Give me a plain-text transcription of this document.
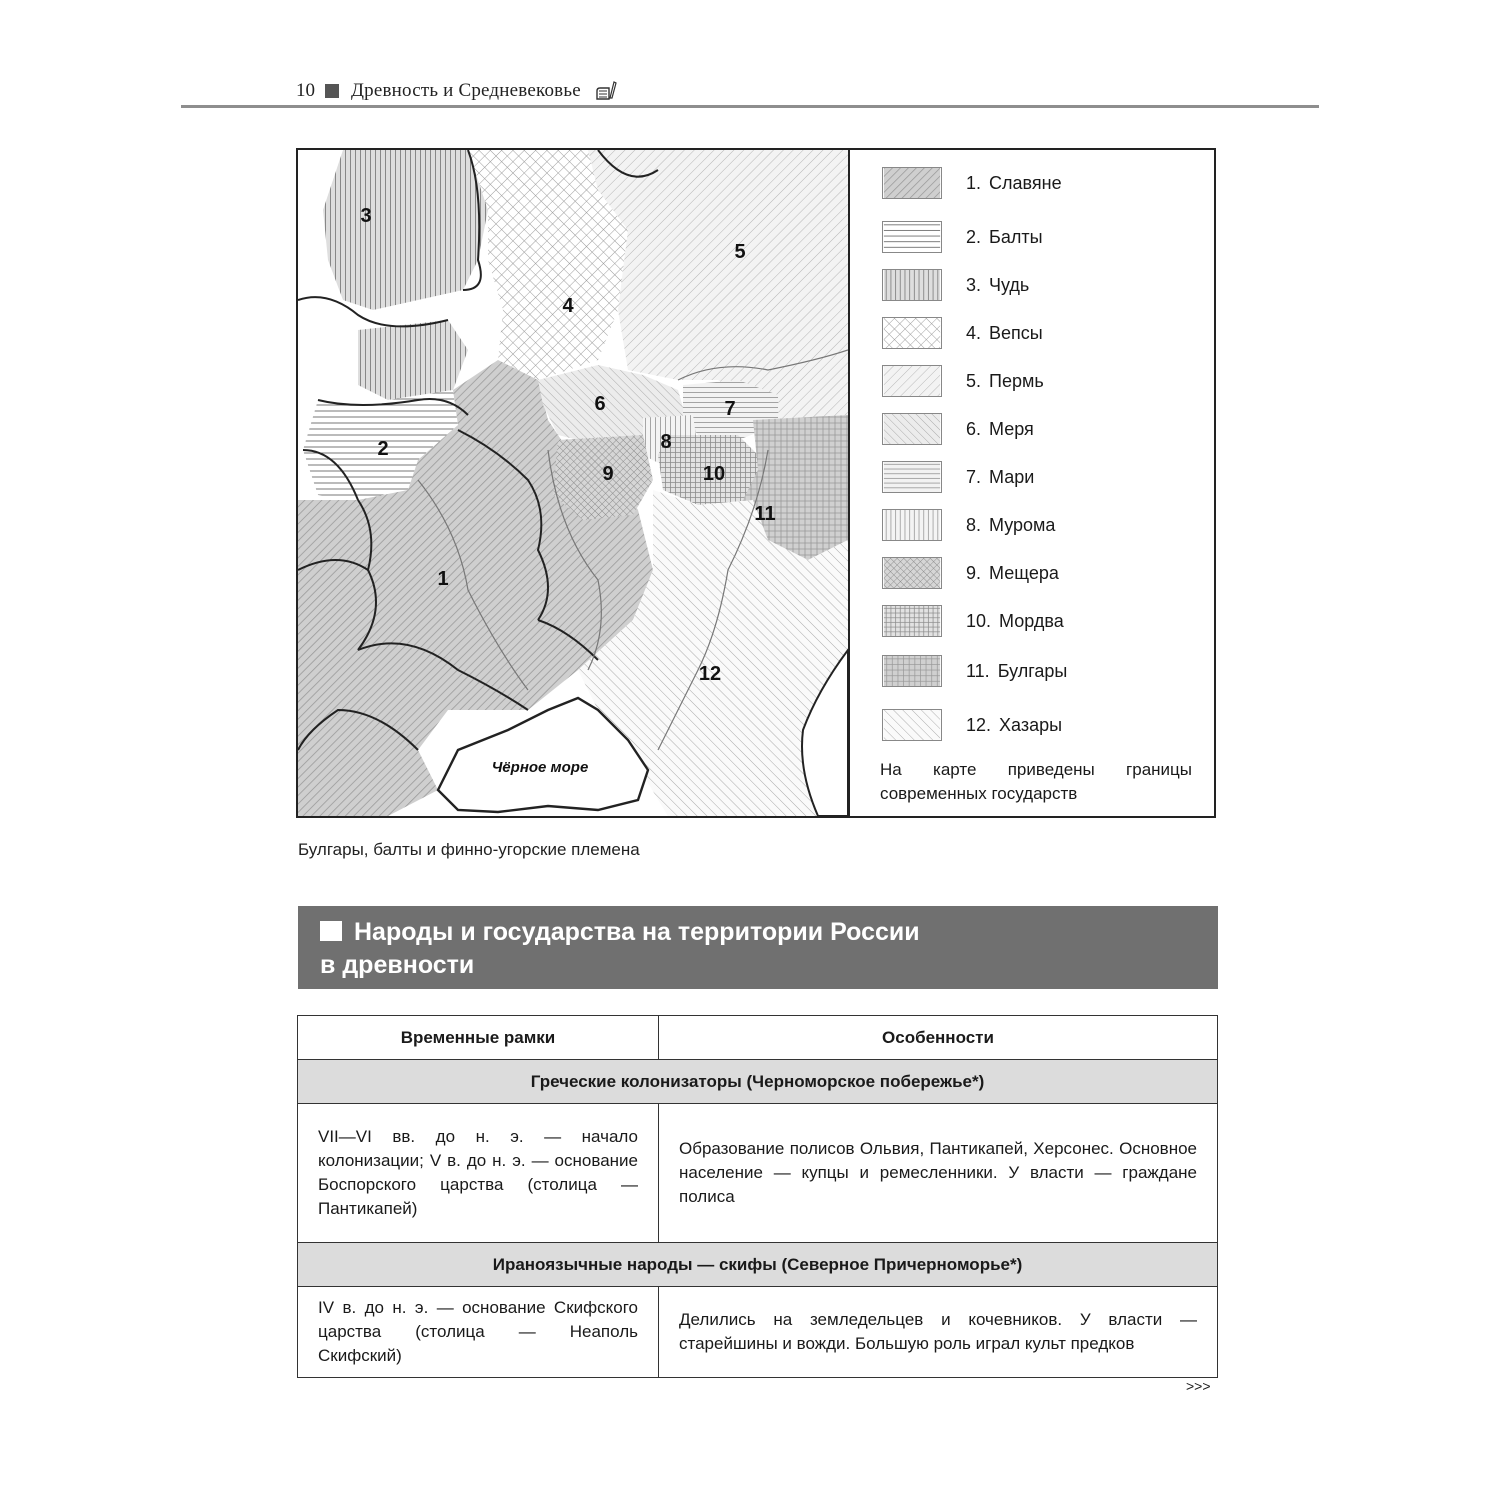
10 Древность и Средневековье
1
2
3
4
5
6	7
8
9	10
11
12
Чёрное море
1. Славяне
2. Балты
3. Чудь
4. Вепсы
5. Пермь
6. Меря
7. Мари
8. Мурома
9. Мещера
10. Мордва
11. Булгары
12. Хазары
На карте приведены границы современных государств
Булгары, балты и финно-угорские племена
Народы и государства на территории России
в древности
Временные рамки	Особенности
Греческие колонизаторы (Черноморское побережье*)	
VII—VI вв. до н. э. — начало колонизации; V в. до н. э. — основание Боспорского царства (столица — Пантикапей)	Образование полисов Ольвия, Пантикапей, Херсонес. Основное население — купцы и ремесленники. У власти — граждане полиса
Ираноязычные народы — скифы (Северное Причерноморье*)	
IV в. до н. э. — основание Скифского царства (столица — Неаполь Скифский)	Делились на земледельцев и кочевников. У власти — старейшины и вожди. Большую роль играл культ предков
>>>
